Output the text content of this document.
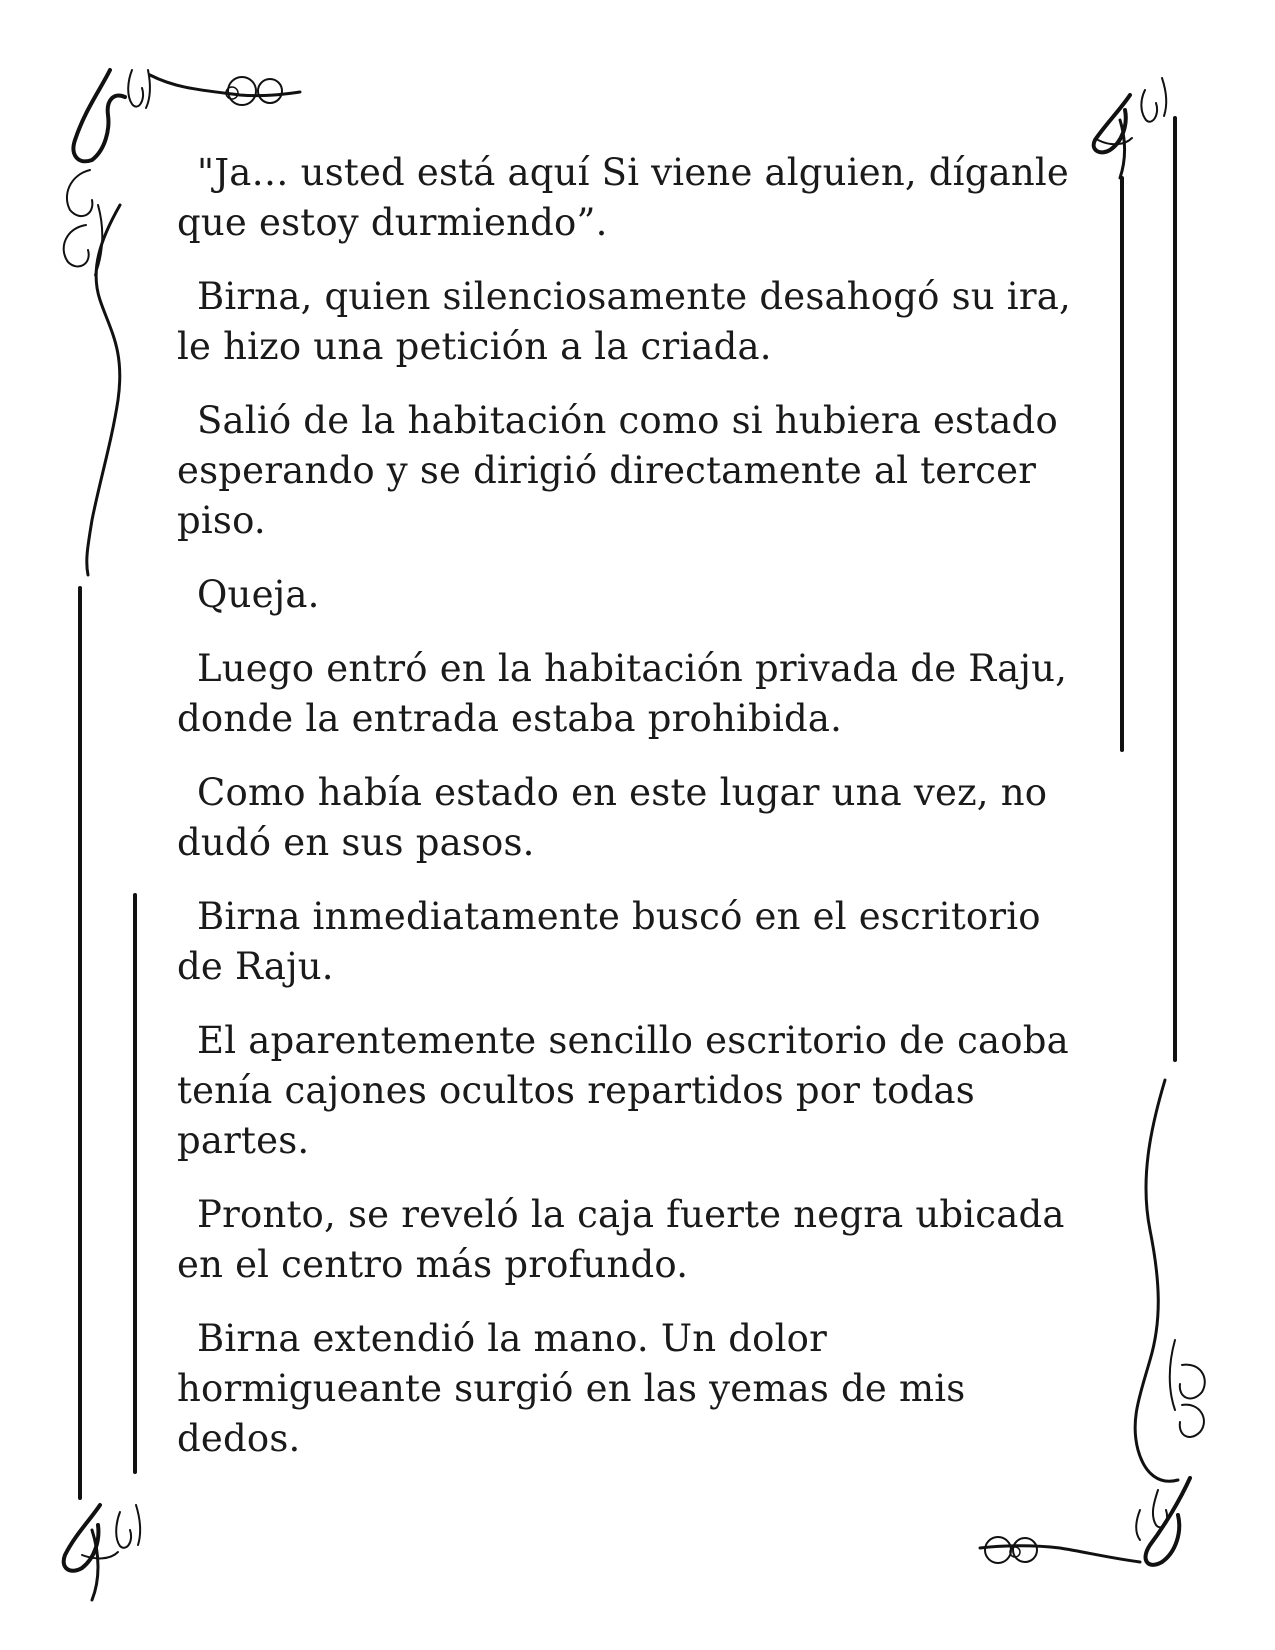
"Ja… usted está aquí Si viene alguien, díganle que estoy durmiendo”.

Birna, quien silenciosamente desahogó su ira, le hizo una petición a la criada.

Salió de la habitación como si hubiera estado esperando y se dirigió directamente al tercer piso.

Queja.

Luego entró en la habitación privada de Raju, donde la entrada estaba prohibida.

Como había estado en este lugar una vez, no dudó en sus pasos.

Birna inmediatamente buscó en el escritorio de Raju.

El aparentemente sencillo escritorio de caoba tenía cajones ocultos repartidos por todas partes.

Pronto, se reveló la caja fuerte negra ubicada en el centro más profundo.

Birna extendió la mano. Un dolor hormigueante surgió en las yemas de mis dedos.
